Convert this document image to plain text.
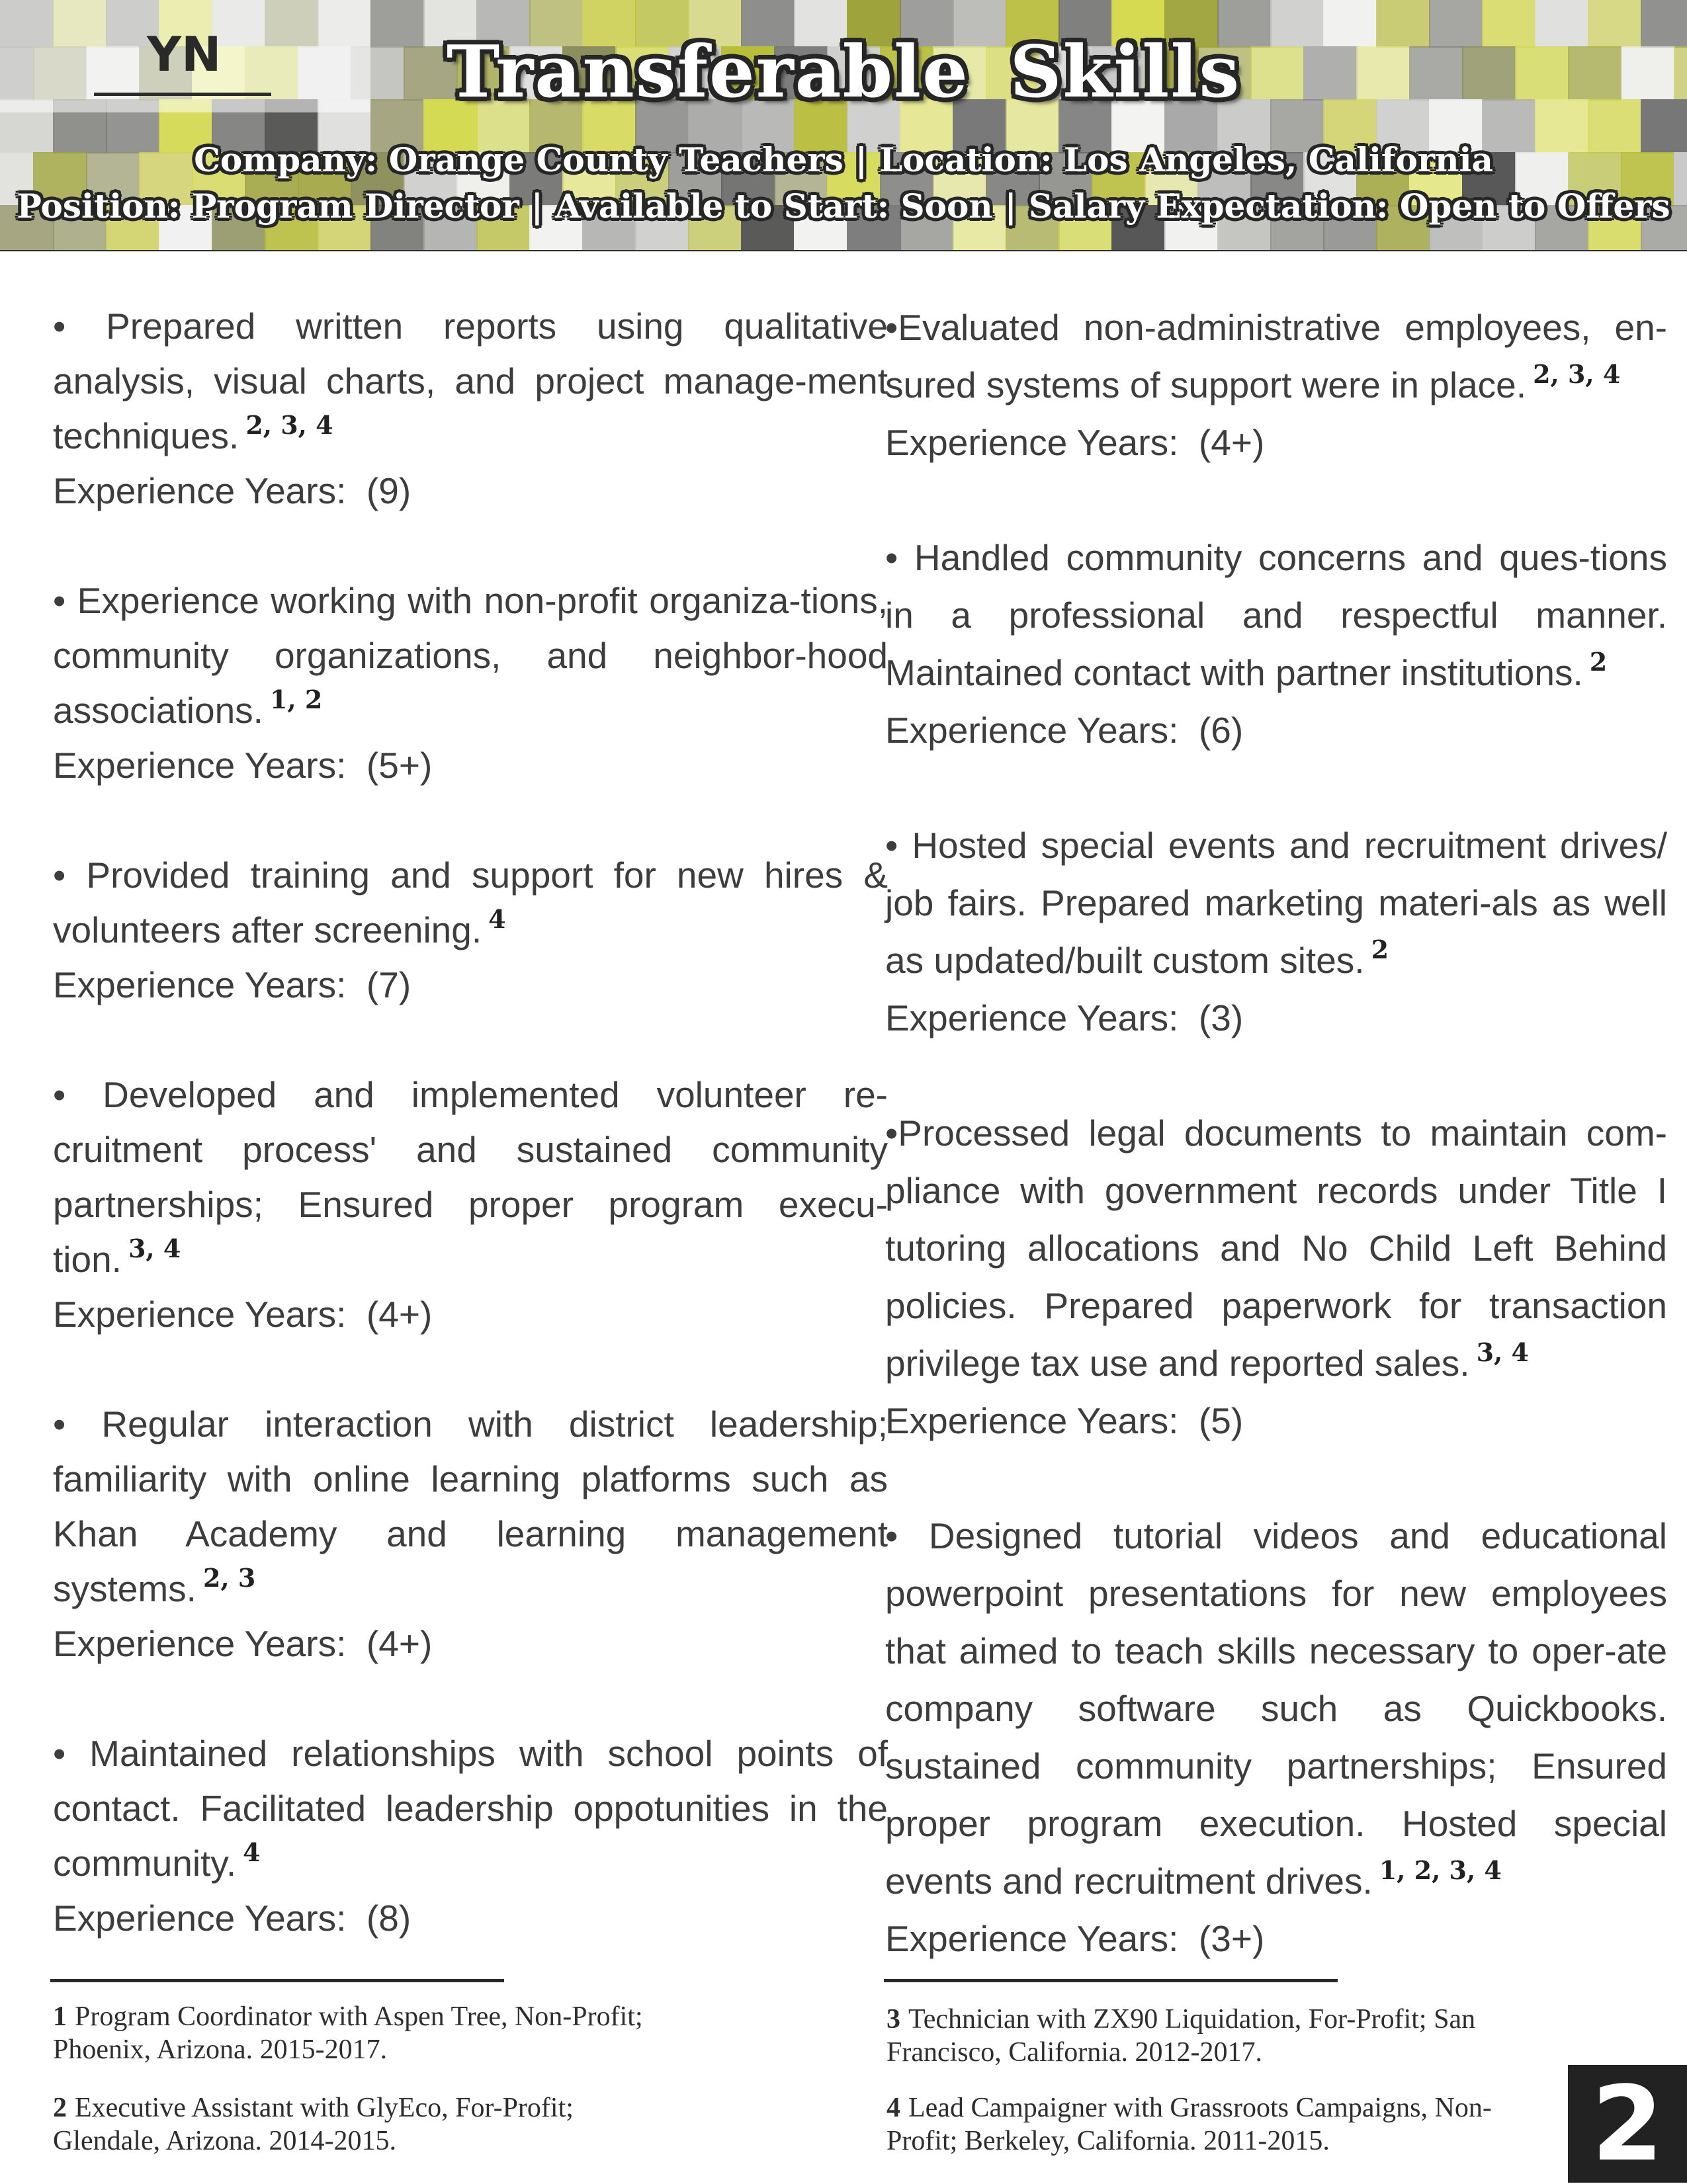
YN	Transferable Skills
Company: Orange County Teachers | Location: Los Angeles, California
Position: Program Director | Available to Start: Soon | Salary Expectation: Open to Offers
• Prepared written reports using qualitative analysis, visual charts, and project manage-ment techniques. $^{2, 3, 4}$
Experience Years:  (9)
• Experience working with non-profit organiza-tions, community organizations, and neighbor-hood associations. $^{1, 2}$
Experience Years:  (5+)
• Provided training and support for new hires & volunteers after screening. $^4$
Experience Years:  (7)
• Developed and implemented volunteer re-cruitment process' and sustained community partnerships; Ensured proper program execu-tion. $^{3, 4}$
Experience Years:  (4+)
• Regular interaction with district leadership; familiarity with online learning platforms such as Khan Academy and learning management systems. $^{2, 3}$
Experience Years:  (4+)
• Maintained relationships with school points of contact. Facilitated leadership oppotunities in the community. $^4$
Experience Years:  (8)
•Evaluated non-administrative employees, en-sured systems of support were in place. $^{2, 3, 4}$
Experience Years:  (4+)
• Handled community concerns and ques-tions in a professional and respectful manner. Maintained contact with partner institutions. $^2$
Experience Years:  (6)
• Hosted special events and recruitment drives/ job fairs. Prepared marketing materi-als as well as updated/built custom sites. $^2$
Experience Years:  (3)
•Processed legal documents to maintain com-pliance with government records under Title I tutoring allocations and No Child Left Behind policies. Prepared paperwork for transaction privilege tax use and reported sales. $^{3, 4}$
Experience Years:  (5)
• Designed tutorial videos and educational powerpoint presentations for new employees that aimed to teach skills necessary to oper-ate company software such as Quickbooks. sustained community partnerships; Ensured proper program execution. Hosted special events and recruitment drives. $^{1, 2, 3, 4}$
Experience Years:  (3+)
1 Program Coordinator with Aspen Tree, Non-Profit; Phoenix, Arizona. 2015-2017.
2 Executive Assistant with GlyEco, For-Profit; Glendale, Arizona. 2014-2015.
3 Technician with ZX90 Liquidation, For-Profit; San Francisco, California. 2012-2017.
4 Lead Campaigner with Grassroots Campaigns, Non-Profit; Berkeley, California. 2011-2015.	2
